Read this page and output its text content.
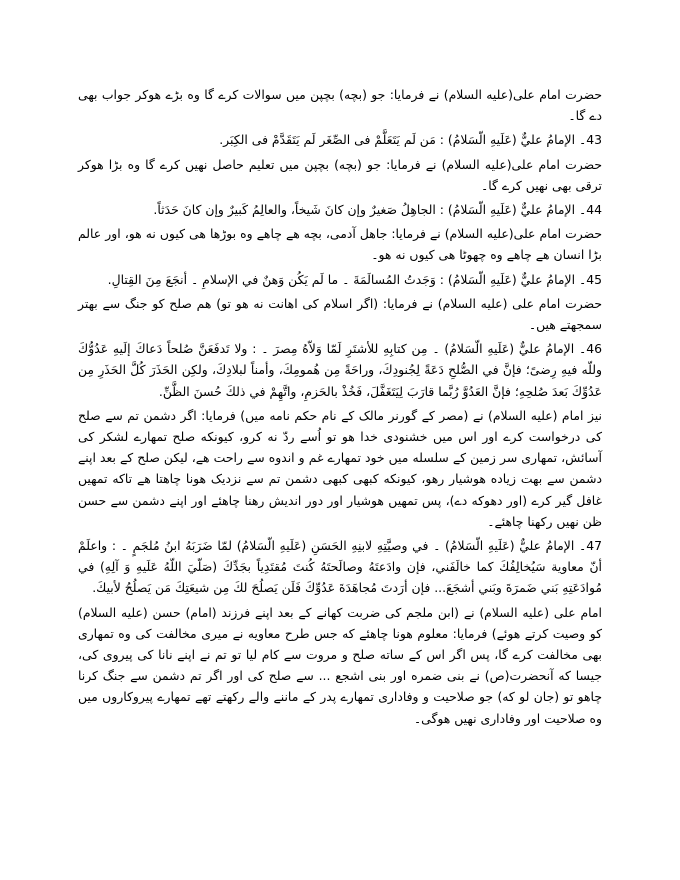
حضرت امام علی(علیه السلام) نے فرمایا: جو (بچه) بچپن میں سوالات کرے گا وه بڑے هوکر جواب بهی دے گا۔

43۔ الإمامُ عليٌّ (عَلَيهِ الّسَلامُ) : مَن لَم يَتَعَلَّمْ فی الصِّغَر لَم يَتَقَدَّمْ فی الكِبَر.

حضرت امام علی(علیه السلام) نے فرمایا: جو (بچه) بچپن میں تعلیم حاصل نهیں کرے گا وه بڑا هوکر ترقی بهی نهیں کرے گا۔

44۔ الإمامُ عليٌّ (عَلَيهِ الّسَلامُ) : الجاهِلُ صَغيرٌ وإن كانَ شَيخاً، والعالِمُ كَبيرٌ وإن كانَ حَدَثاً.

حضرت امام علی(علیه السلام) نے فرمایا: جاهل آدمی، بچه هے چاهے وه بوڑها هی کیوں نه هو، اور عالم بڑا انسان هے چاهے وه چهوٹا هی کیوں نه هو۔

45۔ الإمامُ عليٌّ (عَلَيهِ الّسَلامُ) : وَجَدتُ المُسالَمَةَ ۔ ما لَم يَكُن وَهنٌ في الإسلامِ ۔ أنجَعَ مِنَ القِتالِ.

حضرت امام علی (علیه السلام) نے فرمایا: (اگر اسلام کی اهانت نه هو تو) هم صلح کو جنگ سے بهتر سمجهتے هیں۔

46۔ الإمامُ عليٌّ (عَلَيهِ الّسَلامُ) ۔ مِن كتابِهِ للأشتَرِ لَمّا وَلاّهُ مِصرَ ۔ : ولا تَدفَعَنَّ صُلحاً دَعاكَ إلَيهِ عَدُوُّكَ وللّه فيهِ رِضىً؛ فإنَّ في الصُّلحِ دَعَةً لِجُنودِكَ، وراحَةً مِن هُمومِكَ، وأمناً لبلادِكَ، ولكِن الحَذَرَ كُلَّ الحَذَرِ مِن عَدُوِّكَ بَعدَ صُلحِهِ؛ فإنَّ العَدُوَّ رُبَّما قارَبَ لِيَتَغَفَّلَ، فَخُذْ بالحَزمِ، واتَّهِمْ في ذلكَ حُسنَ الظَّنِّ.

نیز امام (علیه السلام) نے (مصر کے گورنر مالک کے نام حکم نامه میں) فرمایا: اگر دشمن تم سے صلح کی درخواست کرے اور اس میں خشنودی خدا هو تو اُسے ردّ نه کرو، کیونکه صلح تمهارے لشکر کی آسائش، تمهاری سر زمین کے سلسله میں خود تمهارے غم و اندوه سے راحت هے، لیکن صلح کے بعد اپنے دشمن سے بهت زیاده هوشیار رهو، کیونکه کبهی کبهی دشمن تم سے نزدیک هونا چاهتا هے تاکه تمهیں غافل گیر کرے (اور دهوکه دے)، پس تمهیں هوشیار اور دور اندیش رهنا چاهئے اور اپنے دشمن سے حسن ظن نهیں رکهنا چاهئے۔

47۔ الإمامُ عليٌّ (عَلَيهِ الّسَلامُ) ۔ في وصيَّتِهِ لابنِهِ الحَسَنِ (عَلَيهِ الّسَلامُ) لمّا ضَرَبَهُ ابنُ مُلجَمٍ ۔ : واعلَمْ أنّ معاوية سَيُخالِفُكَ كما خالَفَني، فإن وادَعتَهُ وصالَحتَهُ كُنتَ مُقتَدِياً بجَدِّكَ (صَلّيَ اللّهُ عَلَيهِ وَ آلِهِ) في مُوادَعَتِهِ بَني ضَمرَةَ وبَني أشجَعَ... فإن أرَدتَ مُجاهَدَةَ عَدُوِّكَ فَلَن يَصلُحَ لكَ مِن شيعَتِكَ مَن يَصلُحُ لأبيكَ.

امام علی (علیه السلام) نے (ابن ملجم کی ضربت کهانے کے بعد اپنے فرزند (امام) حسن (علیه السلام) کو وصیت کرتے هوئے) فرمایا: معلوم هونا چاهئے که جس طرح معاویه نے میری مخالفت کی وه تمهاری بهی مخالفت کرے گا، پس اگر اس کے ساته صلح و مروت سے کام لیا تو تم نے اپنے نانا کی پیروی کی، جیسا که آنحضرت(ص) نے بنی ضمره اور بنی اشجع ... سے صلح کی اور اگر تم دشمن سے جنگ کرنا چاهو تو (جان لو که) جو صلاحیت و وفاداری تمهارے پدر کے ماننے والے رکهتے تهے تمهارے پیروکاروں میں وه صلاحیت اور وفاداری نهیں هوگی۔
